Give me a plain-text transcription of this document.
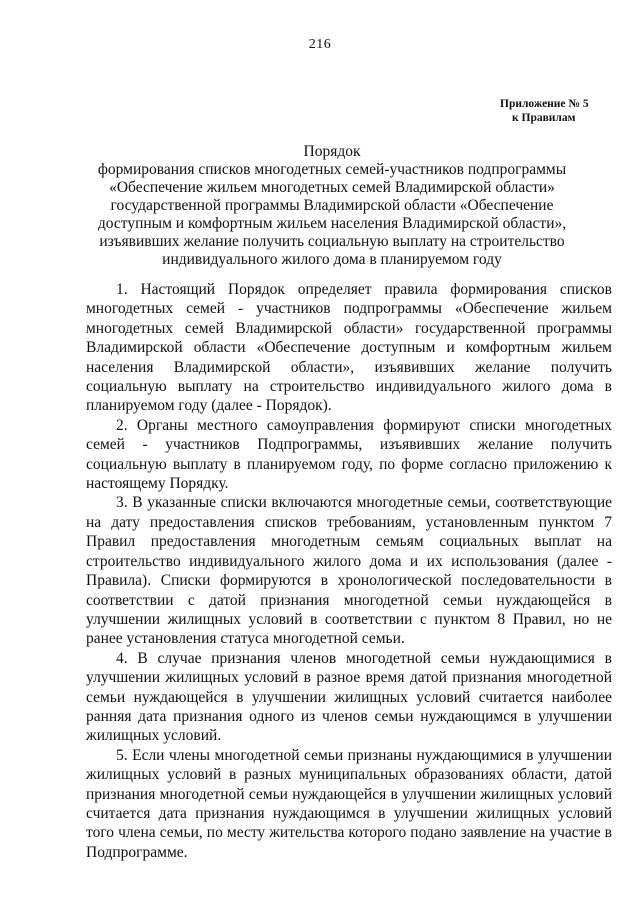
216
Приложение № 5
к Правилам
Порядок
формирования списков многодетных семей-участников подпрограммы «Обеспечение жильем многодетных семей Владимирской области» государственной программы Владимирской области «Обеспечение доступным и комфортным жильем населения Владимирской области», изъявивших желание получить социальную выплату на строительство индивидуального жилого дома в планируемом году

1. Настоящий Порядок определяет правила формирования списков многодетных семей - участников подпрограммы «Обеспечение жильем многодетных семей Владимирской области» государственной программы Владимирской области «Обеспечение доступным и комфортным жильем населения Владимирской области», изъявивших желание получить социальную выплату на строительство индивидуального жилого дома в планируемом году (далее - Порядок).

2. Органы местного самоуправления формируют списки многодетных семей - участников Подпрограммы, изъявивших желание получить социальную выплату в планируемом году, по форме согласно приложению к настоящему Порядку.

3. В указанные списки включаются многодетные семьи, соответствующие на дату предоставления списков требованиям, установленным пунктом 7 Правил предоставления многодетным семьям социальных выплат на строительство индивидуального жилого дома и их использования (далее - Правила). Списки формируются в хронологической последовательности в соответствии с датой признания многодетной семьи нуждающейся в улучшении жилищных условий в соответствии с пунктом 8 Правил, но не ранее установления статуса многодетной семьи.

4. В случае признания членов многодетной семьи нуждающимися в улучшении жилищных условий в разное время датой признания многодетной семьи нуждающейся в улучшении жилищных условий считается наиболее ранняя дата признания одного из членов семьи нуждающимся в улучшении жилищных условий.

5. Если члены многодетной семьи признаны нуждающимися в улучшении жилищных условий в разных муниципальных образованиях области, датой признания многодетной семьи нуждающейся в улучшении жилищных условий считается дата признания нуждающимся в улучшении жилищных условий того члена семьи, по месту жительства которого подано заявление на участие в Подпрограмме.
